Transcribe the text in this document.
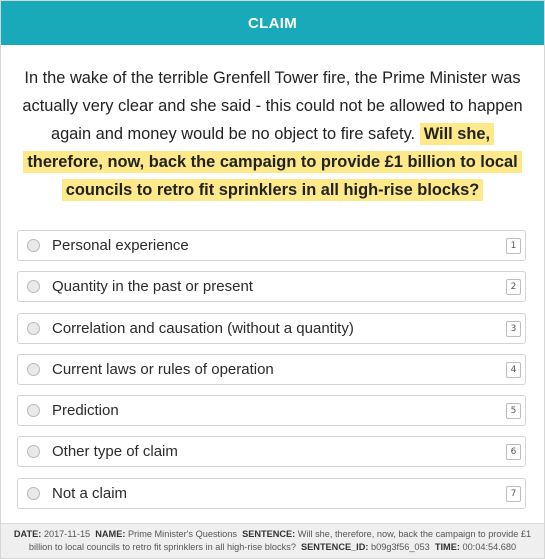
CLAIM
In the wake of the terrible Grenfell Tower fire, the Prime Minister was actually very clear and she said - this could not be allowed to happen again and money would be no object to fire safety. Will she, therefore, now, back the campaign to provide £1 billion to local councils to retro fit sprinklers in all high-rise blocks?
Personal experience	1
Quantity in the past or present	2
Correlation and causation (without a quantity)	3
Current laws or rules of operation	4
Prediction	5
Other type of claim	6
Not a claim	7
DATE: 2017-11-15 NAME: Prime Minister's Questions SENTENCE: Will she, therefore, now, back the campaign to provide £1 billion to local councils to retro fit sprinklers in all high-rise blocks? SENTENCE_ID: b09g3f56_053 TIME: 00:04:54.680
